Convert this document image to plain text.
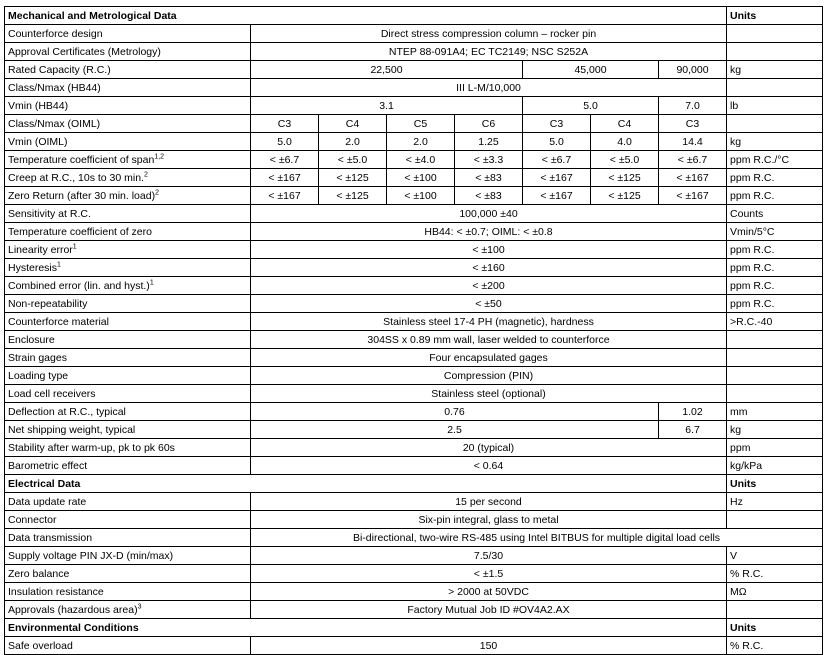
Mechanical and Metrological Data								Units
Counterforce design	Direct stress compression column – rocker pin							
Approval Certificates (Metrology)	NTEP 88-091A4; EC TC2149; NSC S252A							
Rated Capacity (R.C.)	22,500				45,000		90,000	kg
Class/Nmax (HB44)	III L-M/10,000							
Vmin (HB44)	3.1				5.0		7.0	lb
Class/Nmax (OIML)	C3	C4	C5	C6	C3	C4	C3	
Vmin (OIML)	5.0	2.0	2.0	1.25	5.0	4.0	14.4	kg
Temperature coefficient of span$^{1,2}$	< ±6.7	< ±5.0	< ±4.0	< ±3.3	< ±6.7	< ±5.0	< ±6.7	ppm R.C./°C
Creep at R.C., 10s to 30 min.$^2$	< ±167	< ±125	< ±100	< ±83	< ±167	< ±125	< ±167	ppm R.C.
Zero Return (after 30 min. load)$^2$	< ±167	< ±125	< ±100	< ±83	< ±167	< ±125	< ±167	ppm R.C.
Sensitivity at R.C.	100,000 ±40							Counts
Temperature coefficient of zero	HB44: < ±0.7; OIML: < ±0.8							Vmin/5°C
Linearity error$^1$	< ±100							ppm R.C.
Hysteresis$^1$	< ±160							ppm R.C.
Combined error (lin. and hyst.)$^1$	< ±200							ppm R.C.
Non-repeatability	< ±50							ppm R.C.
Counterforce material	Stainless steel 17-4 PH (magnetic), hardness							>R.C.-40
Enclosure	304SS x 0.89 mm wall, laser welded to counterforce							
Strain gages	Four encapsulated gages							
Loading type	Compression (PIN)							
Load cell receivers	Stainless steel (optional)							
Deflection at R.C., typical	0.76						1.02	mm
Net shipping weight, typical	2.5						6.7	kg
Stability after warm-up, pk to pk 60s	20 (typical)							ppm
Barometric effect	< 0.64							kg/kPa
Electrical Data								Units
Data update rate	15 per second							Hz
Connector	Six-pin integral, glass to metal							
Data transmission	Bi-directional, two-wire RS-485 using Intel BITBUS for multiple digital load cells							
Supply voltage PIN JX-D (min/max)	7.5/30							V
Zero balance	< ±1.5							% R.C.
Insulation resistance	> 2000 at 50VDC							MΩ
Approvals (hazardous area)$^3$	Factory Mutual Job ID #OV4A2.AX							
Environmental Conditions								Units
Safe overload	150							% R.C.
